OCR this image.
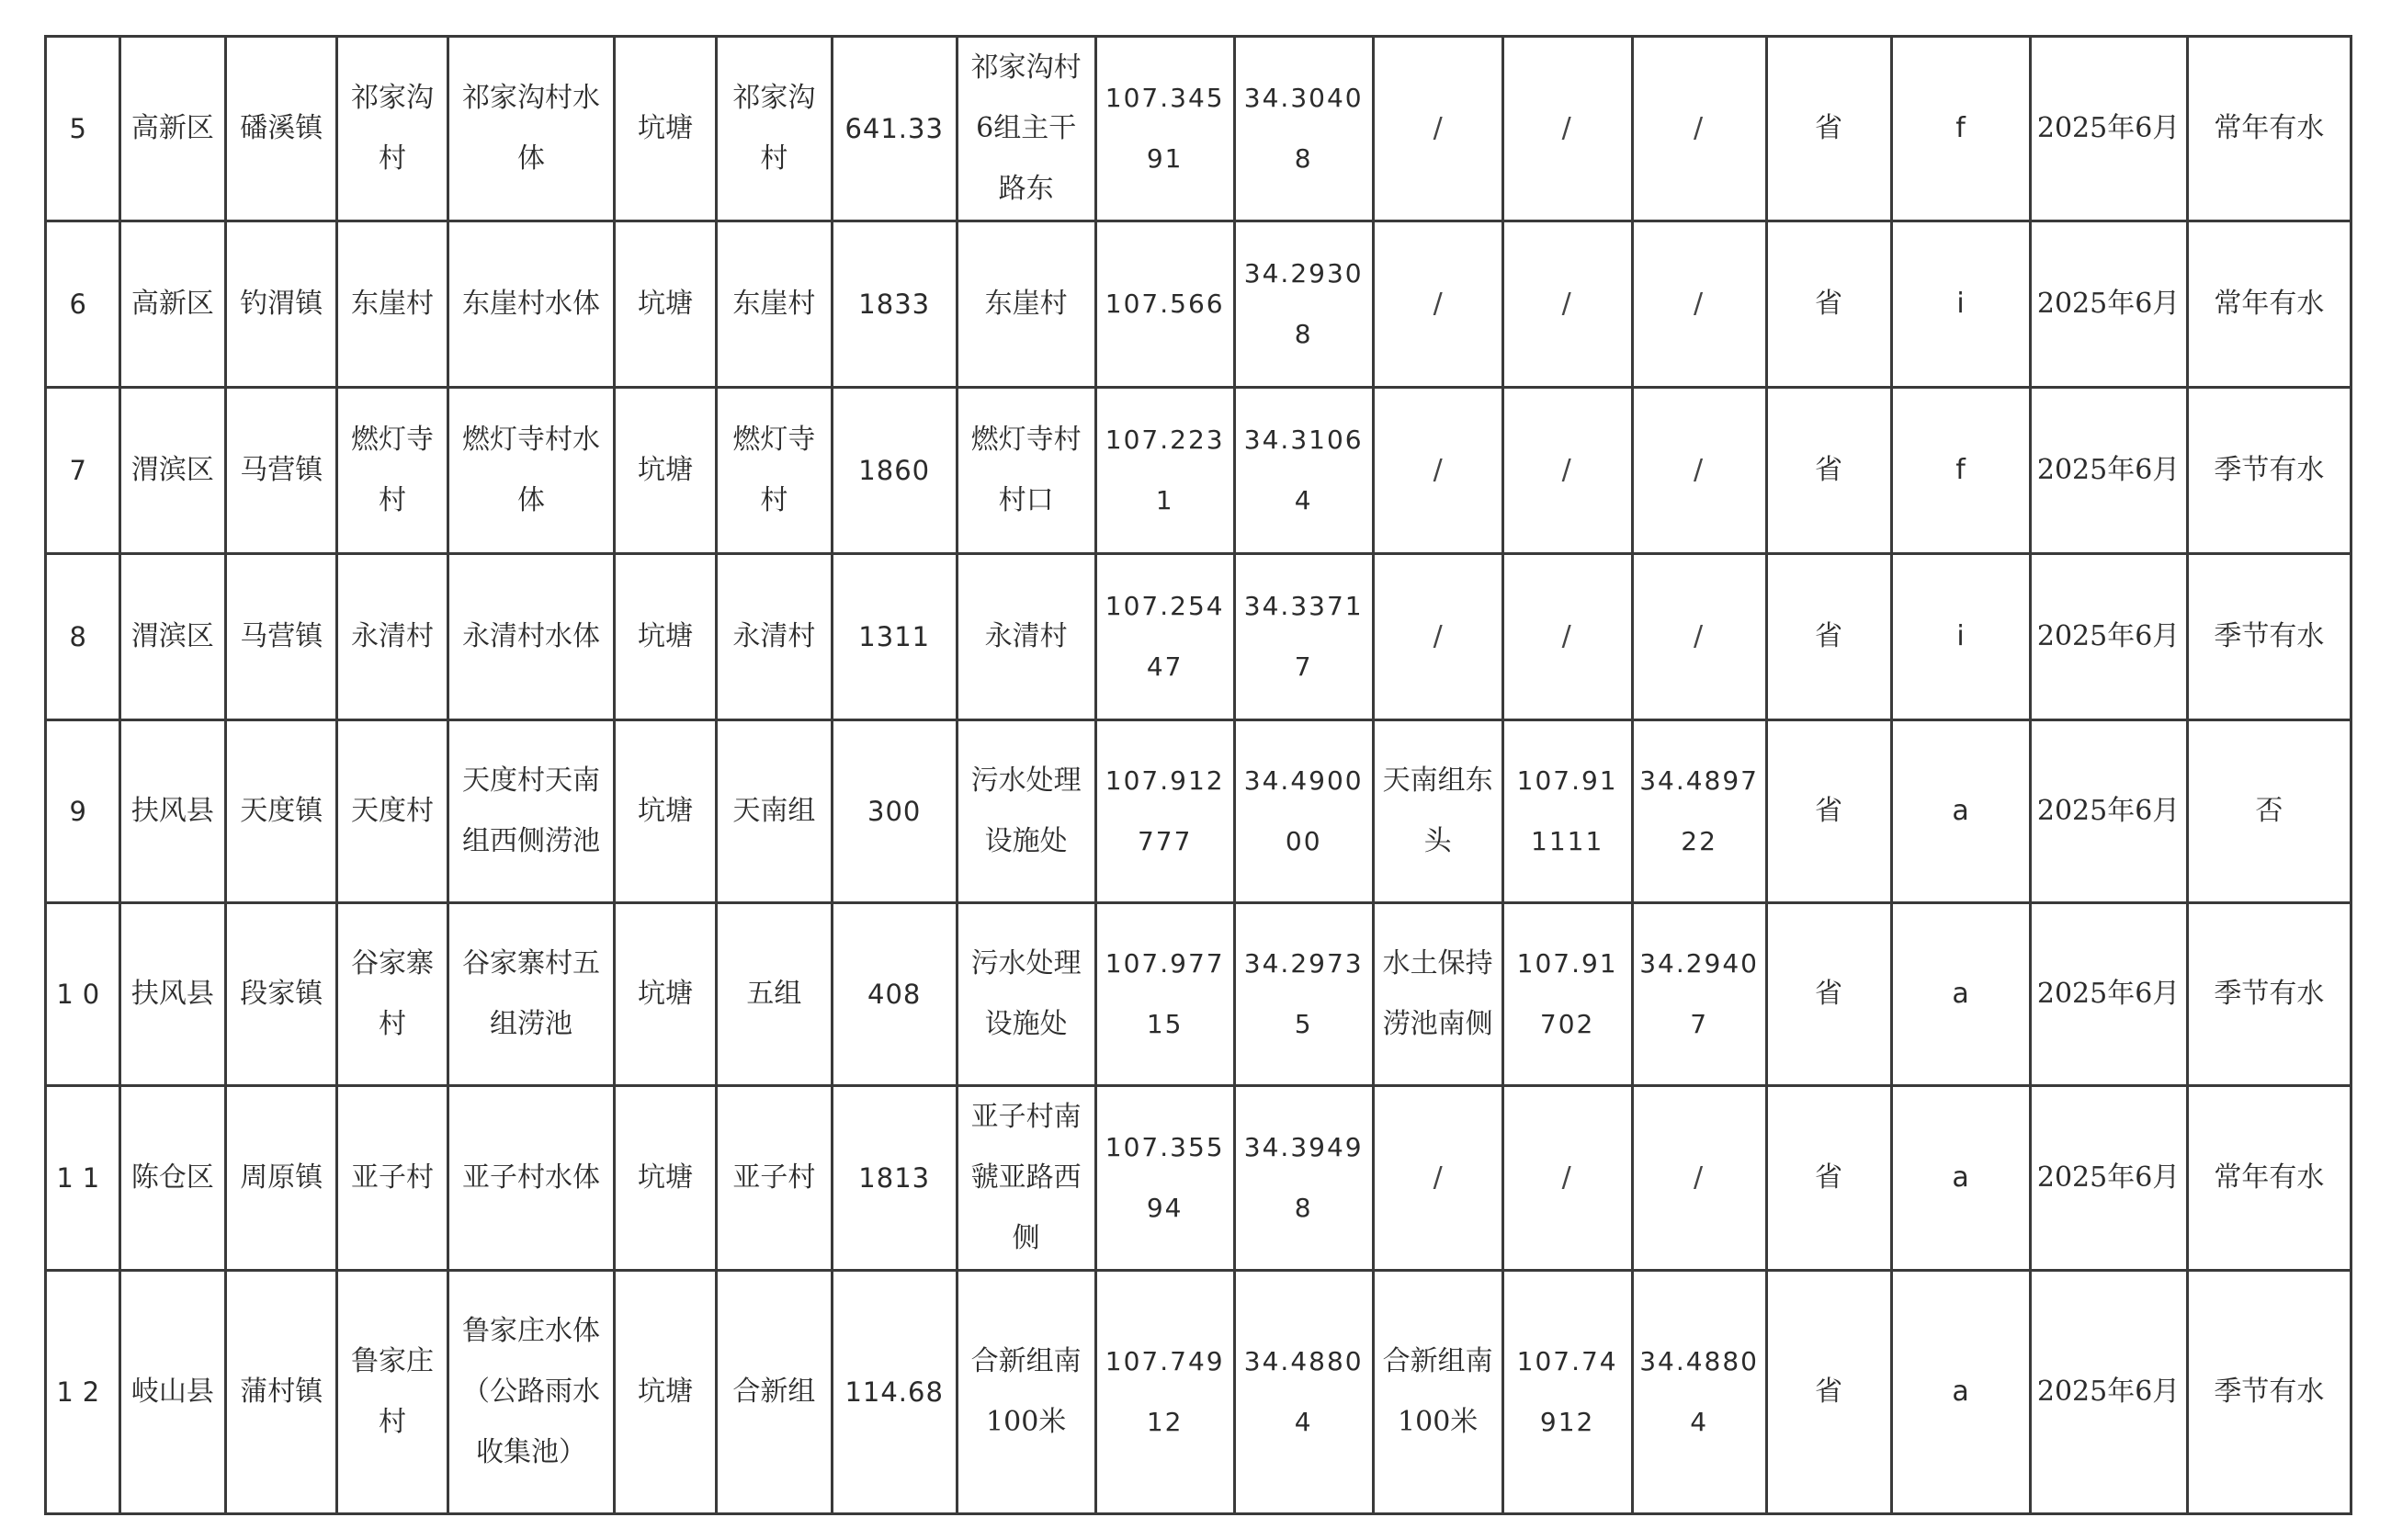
5	高新区	磻溪镇	祁家沟村	祁家沟村水体	坑塘	祁家沟村	641.33	祁家沟村6组主干路东	107.34591	34.30408	/	/	/	省	f	2025年6月	常年有水
6	高新区	钓渭镇	东崖村	东崖村水体	坑塘	东崖村	1833	东崖村	107.566	34.29308	/	/	/	省	i	2025年6月	常年有水
7	渭滨区	马营镇	燃灯寺村	燃灯寺村水体	坑塘	燃灯寺村	1860	燃灯寺村村口	107.2231	34.31064	/	/	/	省	f	2025年6月	季节有水
8	渭滨区	马营镇	永清村	永清村水体	坑塘	永清村	1311	永清村	107.25447	34.33717	/	/	/	省	i	2025年6月	季节有水
9	扶风县	天度镇	天度村	天度村天南组西侧涝池	坑塘	天南组	300	污水处理设施处	107.912777	34.490000	天南组东头	107.911111	34.489722	省	a	2025年6月	否
10	扶风县	段家镇	谷家寨村	谷家寨村五组涝池	坑塘	五组	408	污水处理设施处	107.97715	34.29735	水土保持涝池南侧	107.91702	34.29407	省	a	2025年6月	季节有水
11	陈仓区	周原镇	亚子村	亚子村水体	坑塘	亚子村	1813	亚子村南虢亚路西侧	107.35594	34.39498	/	/	/	省	a	2025年6月	常年有水
12	岐山县	蒲村镇	鲁家庄村	鲁家庄水体（公路雨水收集池）	坑塘	合新组	114.68	合新组南100米	107.74912	34.48804	合新组南100米	107.74912	34.48804	省	a	2025年6月	季节有水
